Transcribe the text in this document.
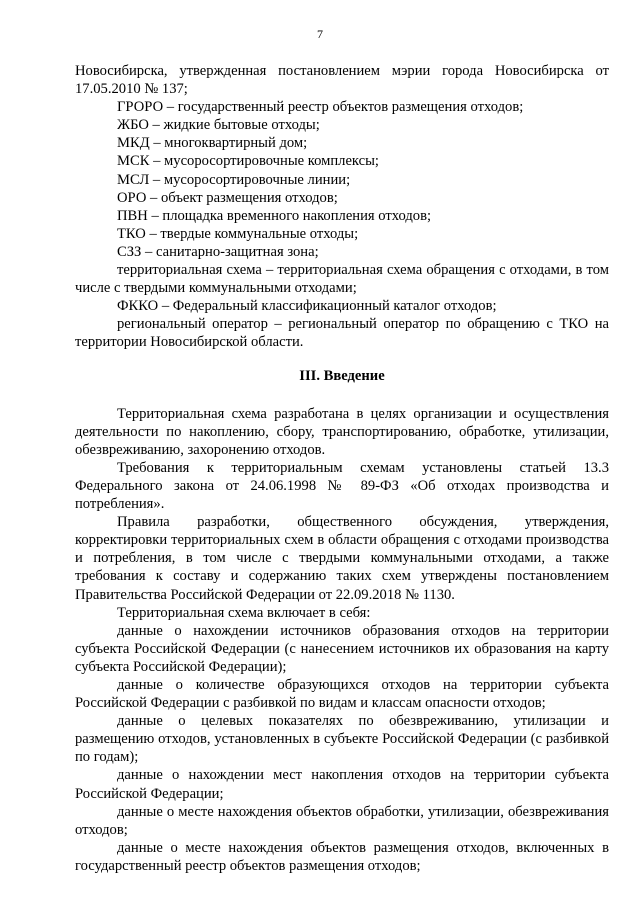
7

Новосибирска, утвержденная постановлением мэрии города Новосибирска от 17.05.2010 № 137;

ГРОРО – государственный реестр объектов размещения отходов;

ЖБО – жидкие бытовые отходы;

МКД – многоквартирный дом;

МСК – мусоросортировочные комплексы;

МСЛ – мусоросортировочные линии;

ОРО – объект размещения отходов;

ПВН – площадка временного накопления отходов;

ТКО – твердые коммунальные отходы;

СЗЗ – санитарно-защитная зона;

территориальная схема – территориальная схема обращения с отходами, в том числе с твердыми коммунальными отходами;

ФККО – Федеральный классификационный каталог отходов;

региональный оператор – региональный оператор по обращению с ТКО на территории Новосибирской области.

III. Введение

Территориальная схема разработана в целях организации и осуществления деятельности по накоплению, сбору, транспортированию, обработке, утилизации, обезвреживанию, захоронению отходов.

Требования к территориальным схемам установлены статьей 13.3 Федерального закона от 24.06.1998 № 89-ФЗ «Об отходах производства и потребления».

Правила разработки, общественного обсуждения, утверждения, корректировки территориальных схем в области обращения с отходами производства и потребления, в том числе с твердыми коммунальными отходами, а также требования к составу и содержанию таких схем утверждены постановлением Правительства Российской Федерации от 22.09.2018 № 1130.

Территориальная схема включает в себя:

данные о нахождении источников образования отходов на территории субъекта Российской Федерации (с нанесением источников их образования на карту субъекта Российской Федерации);

данные о количестве образующихся отходов на территории субъекта Российской Федерации с разбивкой по видам и классам опасности отходов;

данные о целевых показателях по обезвреживанию, утилизации и размещению отходов, установленных в субъекте Российской Федерации (с разбивкой по годам);

данные о нахождении мест накопления отходов на территории субъекта Российской Федерации;

данные о месте нахождения объектов обработки, утилизации, обезвреживания отходов;

данные о месте нахождения объектов размещения отходов, включенных в государственный реестр объектов размещения отходов;
